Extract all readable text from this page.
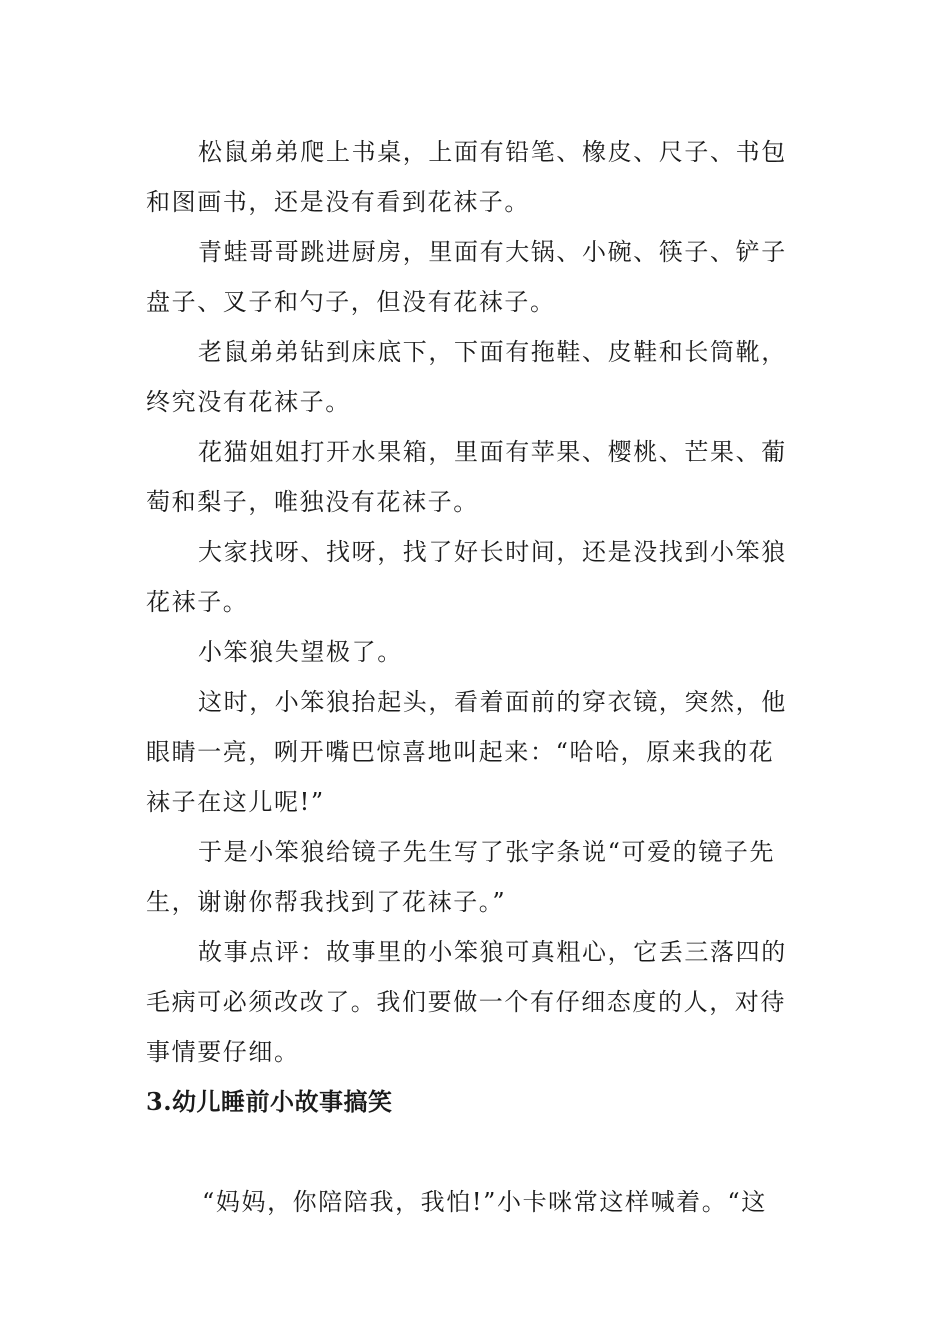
松鼠弟弟爬上书桌，上面有铅笔、橡皮、尺子、书包
和图画书，还是没有看到花袜子。

青蛙哥哥跳进厨房，里面有大锅、小碗、筷子、铲子
盘子、叉子和勺子，但没有花袜子。

老鼠弟弟钻到床底下，下面有拖鞋、皮鞋和长筒靴，
终究没有花袜子。

花猫姐姐打开水果箱，里面有苹果、樱桃、芒果、葡
萄和梨子，唯独没有花袜子。

大家找呀、找呀，找了好长时间，还是没找到小笨狼
花袜子。

小笨狼失望极了。

这时，小笨狼抬起头，看着面前的穿衣镜，突然，他
眼睛一亮，咧开嘴巴惊喜地叫起来：“哈哈，原来我的花
袜子在这儿呢!”

于是小笨狼给镜子先生写了张字条说“可爱的镜子先
生，谢谢你帮我找到了花袜子。”

故事点评：故事里的小笨狼可真粗心，它丢三落四的
毛病可必须改改了。我们要做一个有仔细态度的人，对待
事情要仔细。

3.幼儿睡前小故事搞笑

“妈妈，你陪陪我，我怕!”小卡咪常这样喊着。“这
